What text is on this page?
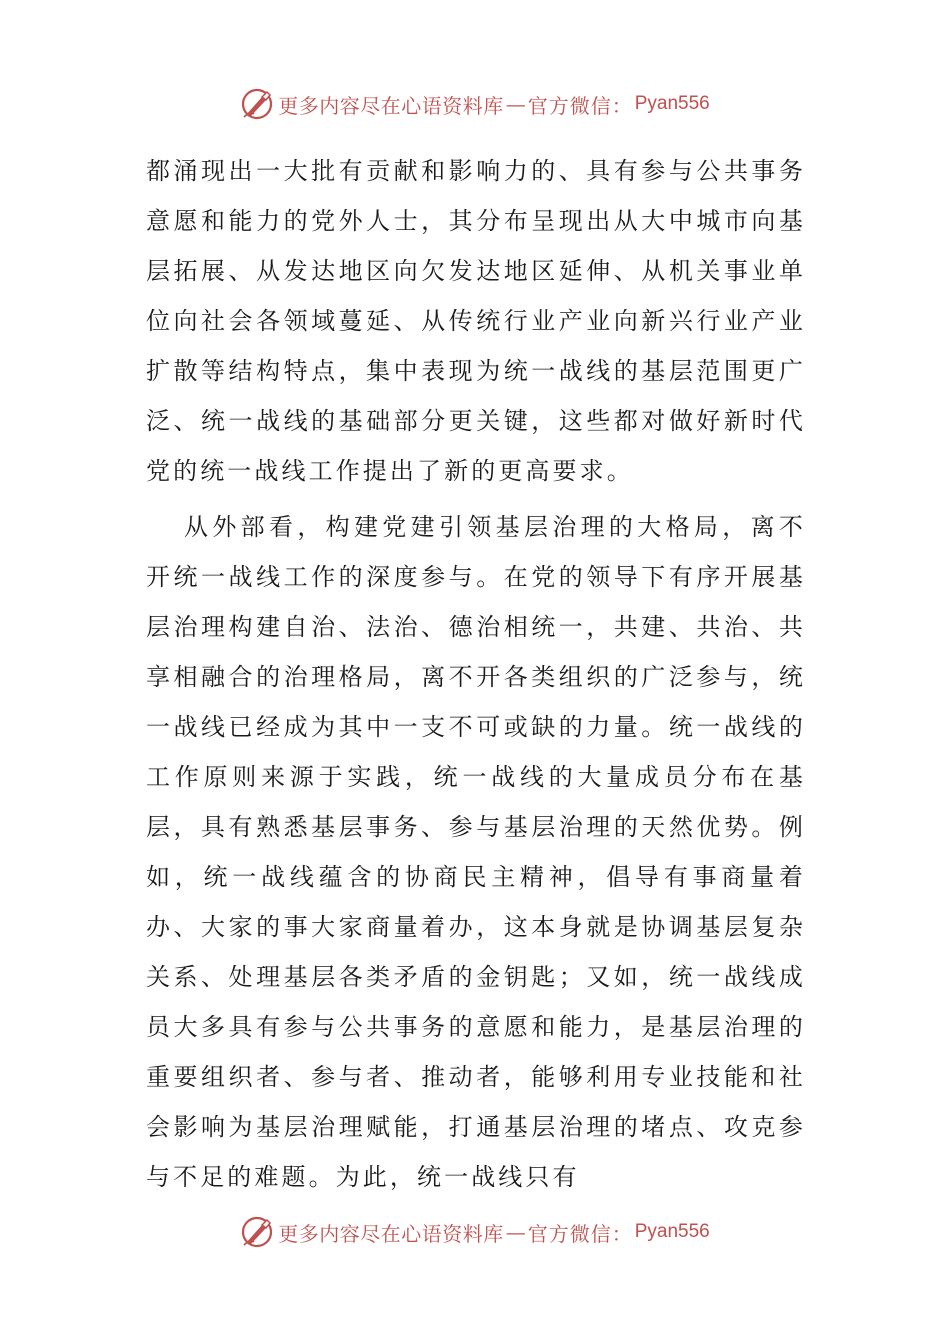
更多内容尽在心语资料库 — 官方微信： Pyan556

都涌现出一大批有贡献和影响力的、具有参与公共事务意愿和能力的党外人士，其分布呈现出从大中城市向基层拓展、从发达地区向欠发达地区延伸、从机关事业单位向社会各领域蔓延、从传统行业产业向新兴行业产业扩散等结构特点，集中表现为统一战线的基层范围更广泛、统一战线的基础部分更关键，这些都对做好新时代党的统一战线工作提出了新的更高要求。

从外部看，构建党建引领基层治理的大格局，离不开统一战线工作的深度参与。在党的领导下有序开展基层治理构建自治、法治、德治相统一，共建、共治、共享相融合的治理格局，离不开各类组织的广泛参与，统一战线已经成为其中一支不可或缺的力量。统一战线的工作原则来源于实践，统一战线的大量成员分布在基层，具有熟悉基层事务、参与基层治理的天然优势。例如，统一战线蕴含的协商民主精神，倡导有事商量着办、大家的事大家商量着办，这本身就是协调基层复杂关系、处理基层各类矛盾的金钥匙；又如，统一战线成员大多具有参与公共事务的意愿和能力，是基层治理的重要组织者、参与者、推动者，能够利用专业技能和社会影响为基层治理赋能，打通基层治理的堵点、攻克参与不足的难题。为此，统一战线只有

更多内容尽在心语资料库 — 官方微信： Pyan556
